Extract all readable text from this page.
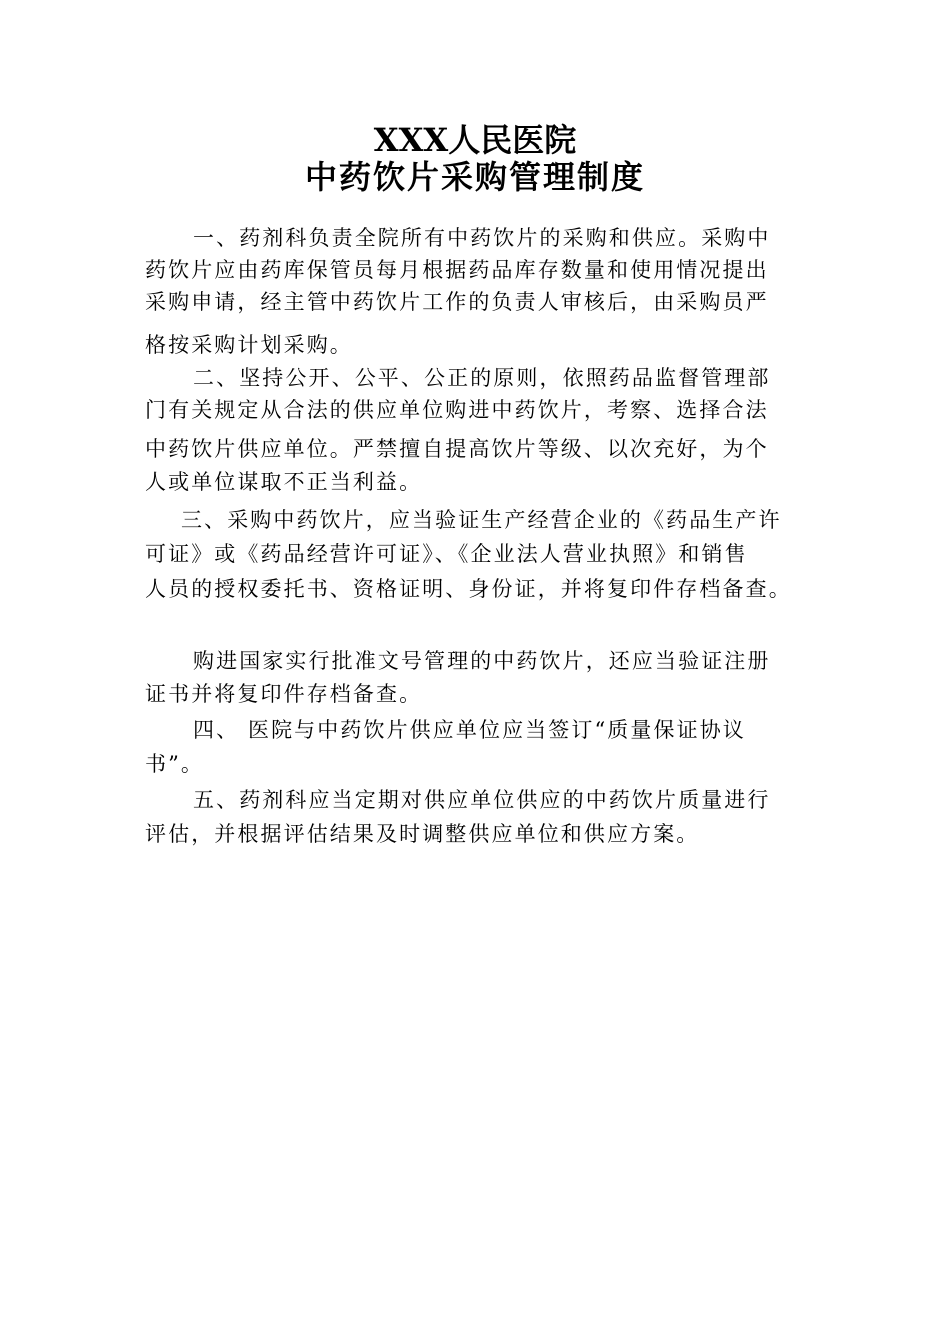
XXX人民医院
中药饮片采购管理制度
一、药剂科负责全院所有中药饮片的采购和供应。采购中
药饮片应由药库保管员每月根据药品库存数量和使用情况提出
采购申请，经主管中药饮片工作的负责人审核后，由采购员严
格按采购计划采购。
二、坚持公开、公平、公正的原则，依照药品监督管理部
门有关规定从合法的供应单位购进中药饮片，考察、选择合法
中药饮片供应单位。严禁擅自提高饮片等级、以次充好，为个
人或单位谋取不正当利益。
三、采购中药饮片，应当验证生产经营企业的《药品生产许
可证》或《药品经营许可证》、《企业法人营业执照》和销售
人员的授权委托书、资格证明、身份证，并将复印件存档备查。
购进国家实行批准文号管理的中药饮片，还应当验证注册
证书并将复印件存档备查。
四、 医院与中药饮片供应单位应当签订“质量保证协议
书”。
五、药剂科应当定期对供应单位供应的中药饮片质量进行
评估，并根据评估结果及时调整供应单位和供应方案。
